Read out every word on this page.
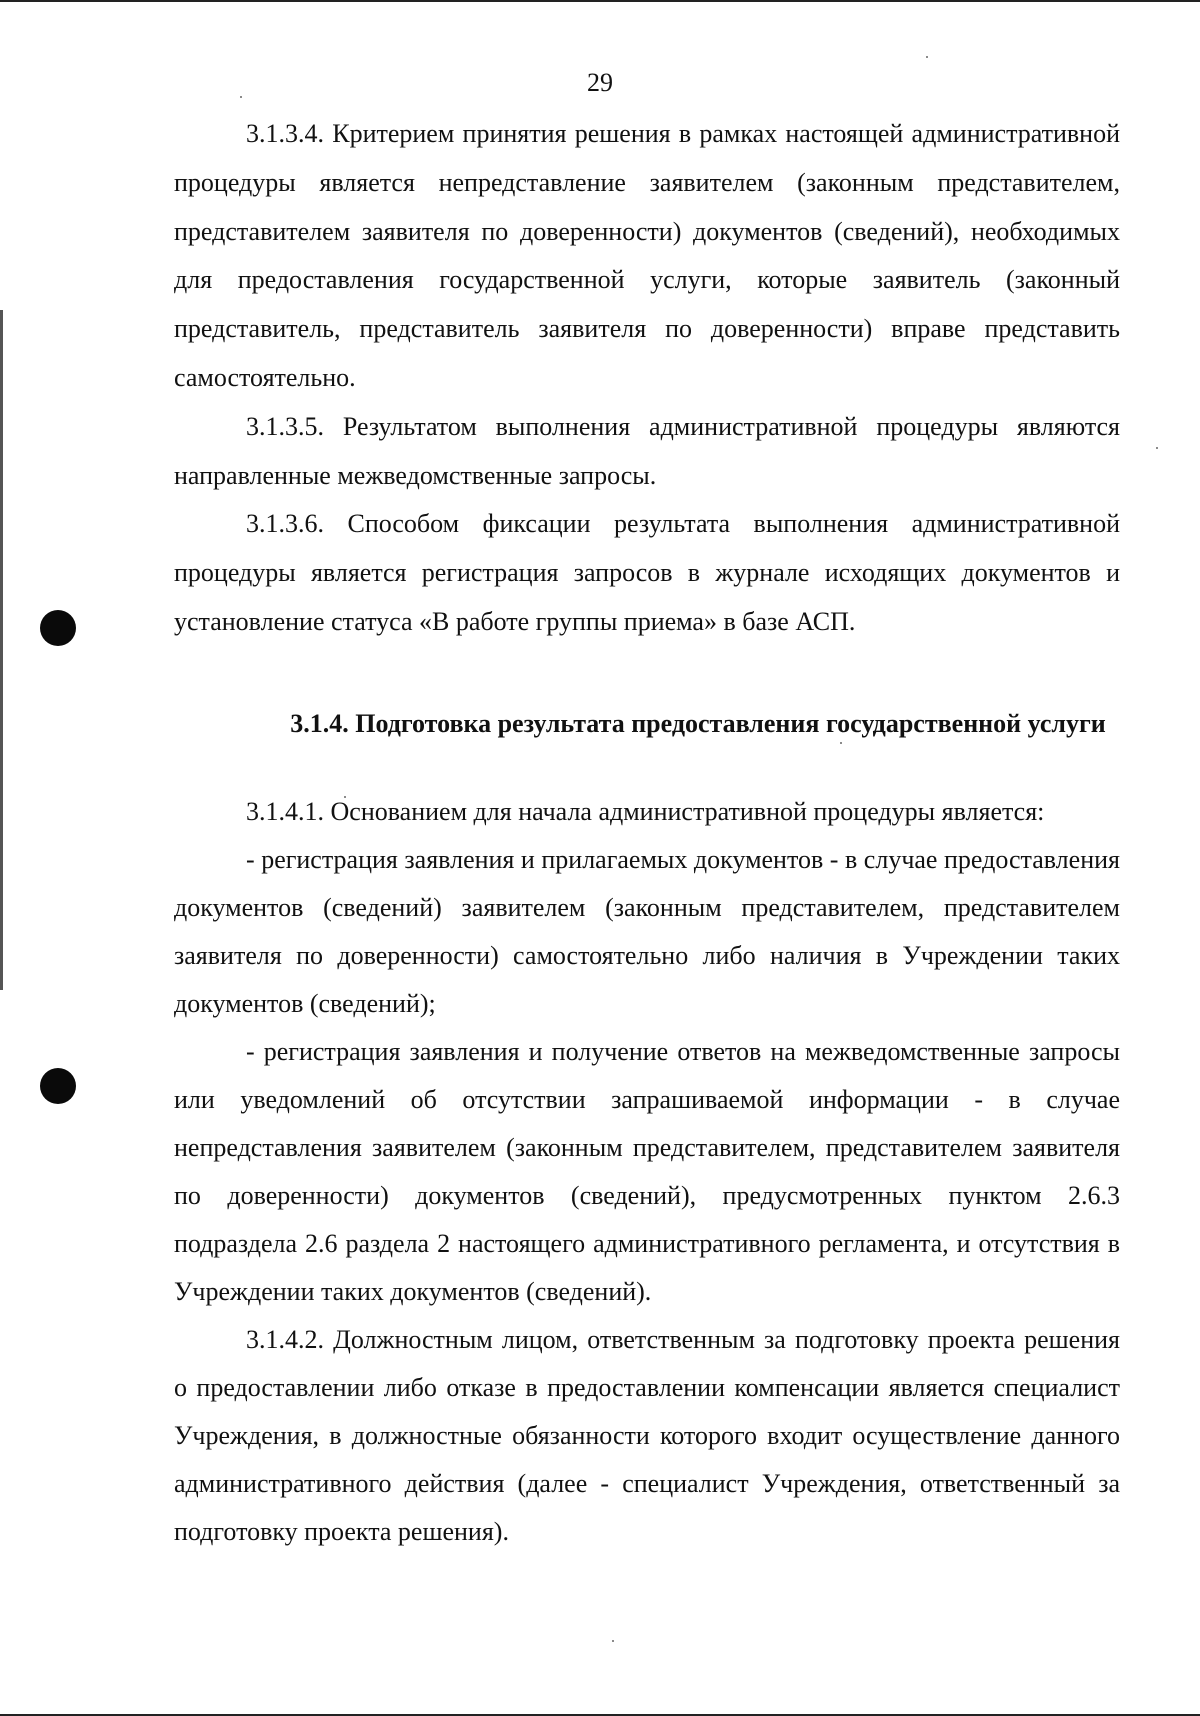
29

3.1.3.4. Критерием принятия решения в рамках настоящей административной процедуры является непредставление заявителем (законным представителем, представителем заявителя по доверенности) документов (сведений), необходимых для предоставления государственной услуги, которые заявитель (законный представитель, представитель заявителя по доверенности) вправе представить самостоятельно.

3.1.3.5. Результатом выполнения административной процедуры являются направленные межведомственные запросы.

3.1.3.6. Способом фиксации результата выполнения административной процедуры является регистрация запросов в журнале исходящих документов и установление статуса «В работе группы приема» в базе АСП.

3.1.4. Подготовка результата предоставления государственной услуги

3.1.4.1. Основанием для начала административной процедуры является:

- регистрация заявления и прилагаемых документов - в случае предоставления документов (сведений) заявителем (законным представителем, представителем заявителя по доверенности) самостоятельно либо наличия в Учреждении таких документов (сведений);

- регистрация заявления и получение ответов на межведомственные запросы или уведомлений об отсутствии запрашиваемой информации - в случае непредставления заявителем (законным представителем, представителем заявителя по доверенности) документов (сведений), предусмотренных пунктом 2.6.3 подраздела 2.6 раздела 2 настоящего административного регламента, и отсутствия в Учреждении таких документов (сведений).

3.1.4.2. Должностным лицом, ответственным за подготовку проекта решения о предоставлении либо отказе в предоставлении компенсации является специалист Учреждения, в должностные обязанности которого входит осуществление данного административного действия (далее - специалист Учреждения, ответственный за подготовку проекта решения).
